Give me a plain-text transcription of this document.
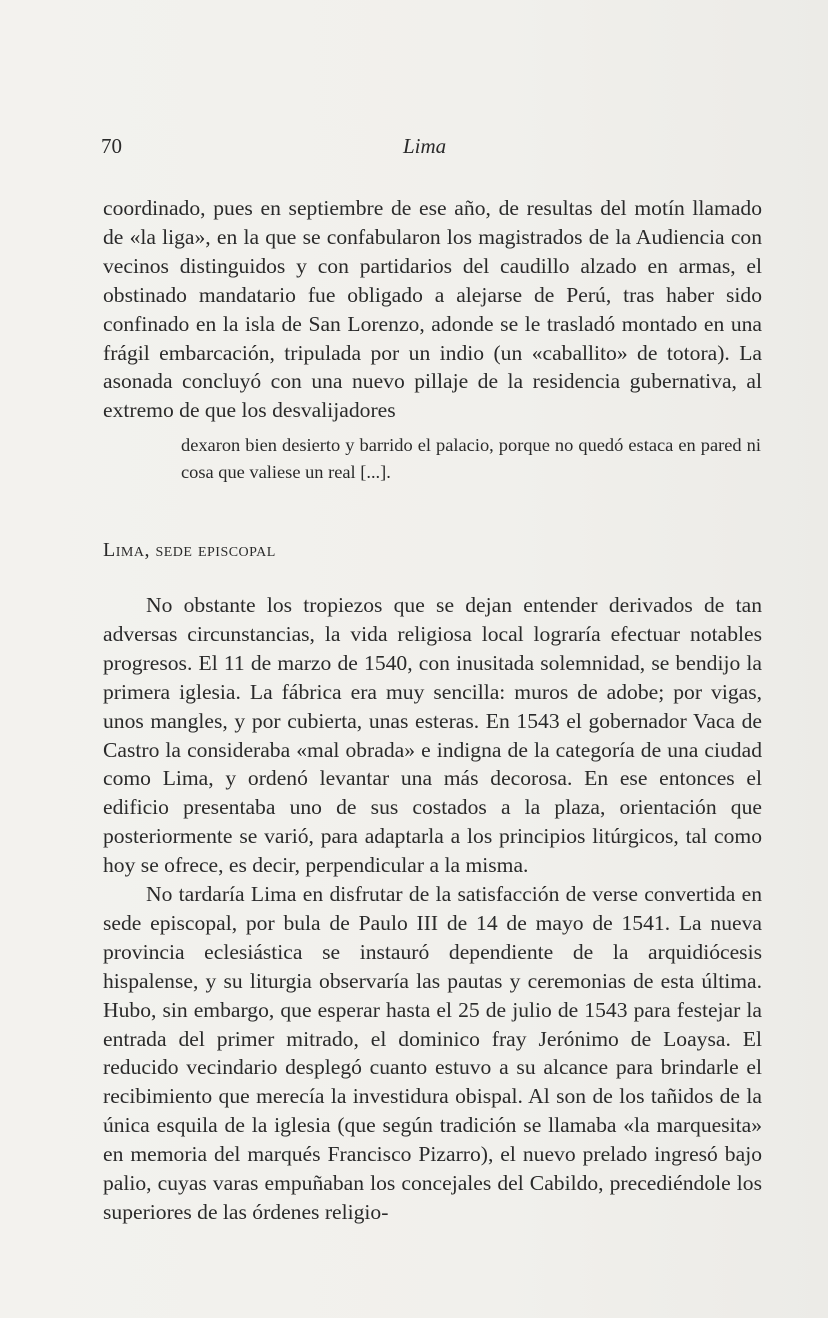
70	Lima

coordinado, pues en septiembre de ese año, de resultas del motín llamado de «la liga», en la que se confabularon los magistrados de la Audiencia con vecinos distinguidos y con partidarios del caudillo alzado en armas, el obstinado mandatario fue obligado a alejarse de Perú, tras haber sido confinado en la isla de San Lorenzo, adonde se le trasladó montado en una frágil embarcación, tripulada por un indio (un «caballito» de totora). La asonada concluyó con una nuevo pillaje de la residencia gubernativa, al extremo de que los desvalijadores

dexaron bien desierto y barrido el palacio, porque no quedó estaca en pared ni cosa que valiese un real [...].

Lima, sede episcopal

No obstante los tropiezos que se dejan entender derivados de tan adversas circunstancias, la vida religiosa local lograría efectuar notables progresos. El 11 de marzo de 1540, con inusitada solemnidad, se bendijo la primera iglesia. La fábrica era muy sencilla: muros de adobe; por vigas, unos mangles, y por cubierta, unas esteras. En 1543 el gobernador Vaca de Castro la consideraba «mal obrada» e indigna de la categoría de una ciudad como Lima, y ordenó levantar una más decorosa. En ese entonces el edificio presentaba uno de sus costados a la plaza, orientación que posteriormente se varió, para adaptarla a los principios litúrgicos, tal como hoy se ofrece, es decir, perpendicular a la misma.

No tardaría Lima en disfrutar de la satisfacción de verse convertida en sede episcopal, por bula de Paulo III de 14 de mayo de 1541. La nueva provincia eclesiástica se instauró dependiente de la arquidiócesis hispalense, y su liturgia observaría las pautas y ceremonias de esta última. Hubo, sin embargo, que esperar hasta el 25 de julio de 1543 para festejar la entrada del primer mitrado, el dominico fray Jerónimo de Loaysa. El reducido vecindario desplegó cuanto estuvo a su alcance para brindarle el recibimiento que merecía la investidura obispal. Al son de los tañidos de la única esquila de la iglesia (que según tradición se llamaba «la marquesita» en memoria del marqués Francisco Pizarro), el nuevo prelado ingresó bajo palio, cuyas varas empuñaban los concejales del Cabildo, precediéndole los superiores de las órdenes religio-
